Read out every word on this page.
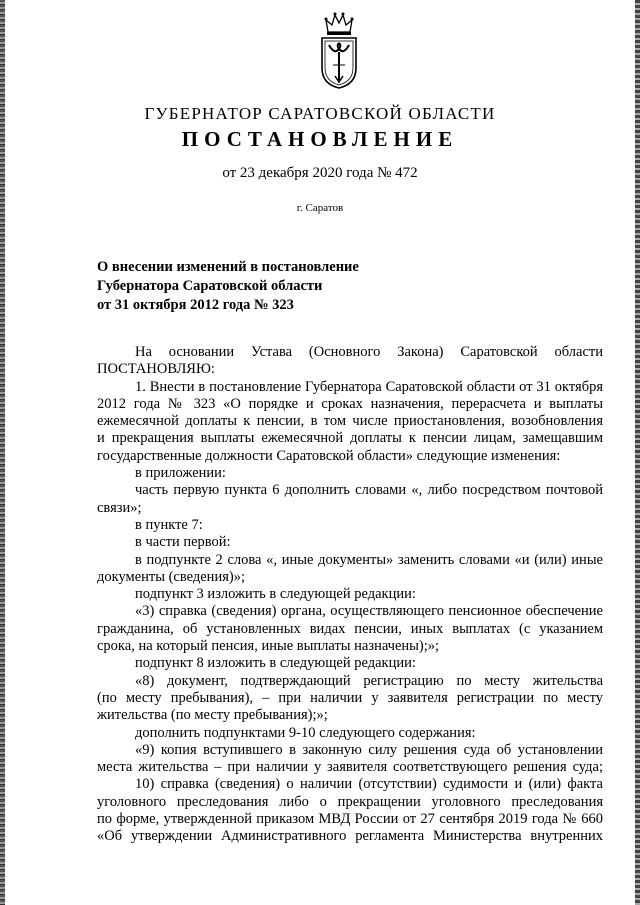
ГУБЕРНАТОР САРАТОВСКОЙ ОБЛАСТИ
ПОСТАНОВЛЕНИЕ
от 23 декабря 2020 года № 472
г. Саратов
О внесении изменений в постановление
Губернатора Саратовской области
от 31 октября 2012 года № 323
На основании Устава (Основного Закона) Саратовской области
ПОСТАНОВЛЯЮ:
1. Внести в постановление Губернатора Саратовской области от 31 октября
2012 года № 323 «О порядке и сроках назначения, перерасчета и выплаты
ежемесячной доплаты к пенсии, в том числе приостановления, возобновления
и прекращения выплаты ежемесячной доплаты к пенсии лицам, замещавшим
государственные должности Саратовской области» следующие изменения:
в приложении:
часть первую пункта 6 дополнить словами «, либо посредством почтовой
связи»;
в пункте 7:
в части первой:
в подпункте 2 слова «, иные документы» заменить словами «и (или) иные
документы (сведения)»;
подпункт 3 изложить в следующей редакции:
«3) справка (сведения) органа, осуществляющего пенсионное обеспечение
гражданина, об установленных видах пенсии, иных выплатах (с указанием
срока, на который пенсия, иные выплаты назначены);»;
подпункт 8 изложить в следующей редакции:
«8) документ, подтверждающий регистрацию по месту жительства
(по месту пребывания), – при наличии у заявителя регистрации по месту
жительства (по месту пребывания);»;
дополнить подпунктами 9-10 следующего содержания:
«9) копия вступившего в законную силу решения суда об установлении
места жительства – при наличии у заявителя соответствующего решения суда;
10) справка (сведения) о наличии (отсутствии) судимости и (или) факта
уголовного преследования либо о прекращении уголовного преследования
по форме, утвержденной приказом МВД России от 27 сентября 2019 года № 660
«Об утверждении Административного регламента Министерства внутренних
